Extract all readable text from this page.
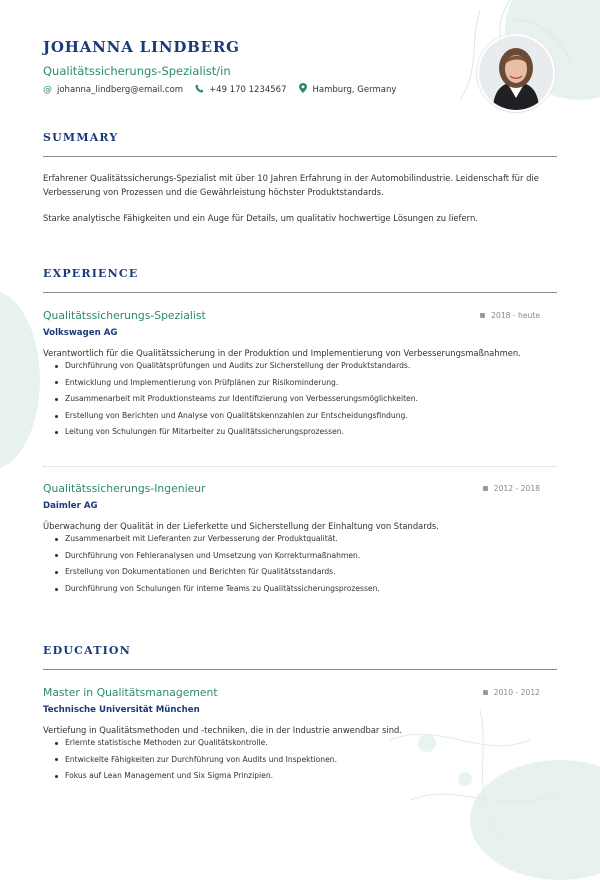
JOHANNA LINDBERG
Qualitätssicherungs-Spezialist/in
@ johanna_lindberg@email.com	+49 170 1234567	Hamburg, Germany
SUMMARY

Erfahrener Qualitätssicherungs-Spezialist mit über 10 Jahren Erfahrung in der Automobilindustrie. Leidenschaft für die
Verbesserung von Prozessen und die Gewährleistung höchster Produktstandards.

Starke analytische Fähigkeiten und ein Auge für Details, um qualitativ hochwertige Lösungen zu liefern.

EXPERIENCE
Qualitätssicherungs-Spezialist	2018 - heute
Volkswagen AG
Verantwortlich für die Qualitätssicherung in der Produktion und Implementierung von Verbesserungsmaßnahmen.
Durchführung von Qualitätsprüfungen und Audits zur Sicherstellung der Produktstandards.
Entwicklung und Implementierung von Prüfplänen zur Risikominderung.
Zusammenarbeit mit Produktionsteams zur Identifizierung von Verbesserungsmöglichkeiten.
Erstellung von Berichten und Analyse von Qualitätskennzahlen zur Entscheidungsfindung.
Leitung von Schulungen für Mitarbeiter zu Qualitätssicherungsprozessen.
Qualitätssicherungs-Ingenieur	2012 - 2018
Daimler AG
Überwachung der Qualität in der Lieferkette und Sicherstellung der Einhaltung von Standards.
Zusammenarbeit mit Lieferanten zur Verbesserung der Produktqualität.
Durchführung von Fehleranalysen und Umsetzung von Korrekturmaßnahmen.
Erstellung von Dokumentationen und Berichten für Qualitätsstandards.
Durchführung von Schulungen für interne Teams zu Qualitätssicherungsprozessen.
EDUCATION
Master in Qualitätsmanagement	2010 - 2012
Technische Universität München
Vertiefung in Qualitätsmethoden und -techniken, die in der Industrie anwendbar sind.
Erlernte statistische Methoden zur Qualitätskontrolle.
Entwickelte Fähigkeiten zur Durchführung von Audits und Inspektionen.
Fokus auf Lean Management und Six Sigma Prinzipien.
